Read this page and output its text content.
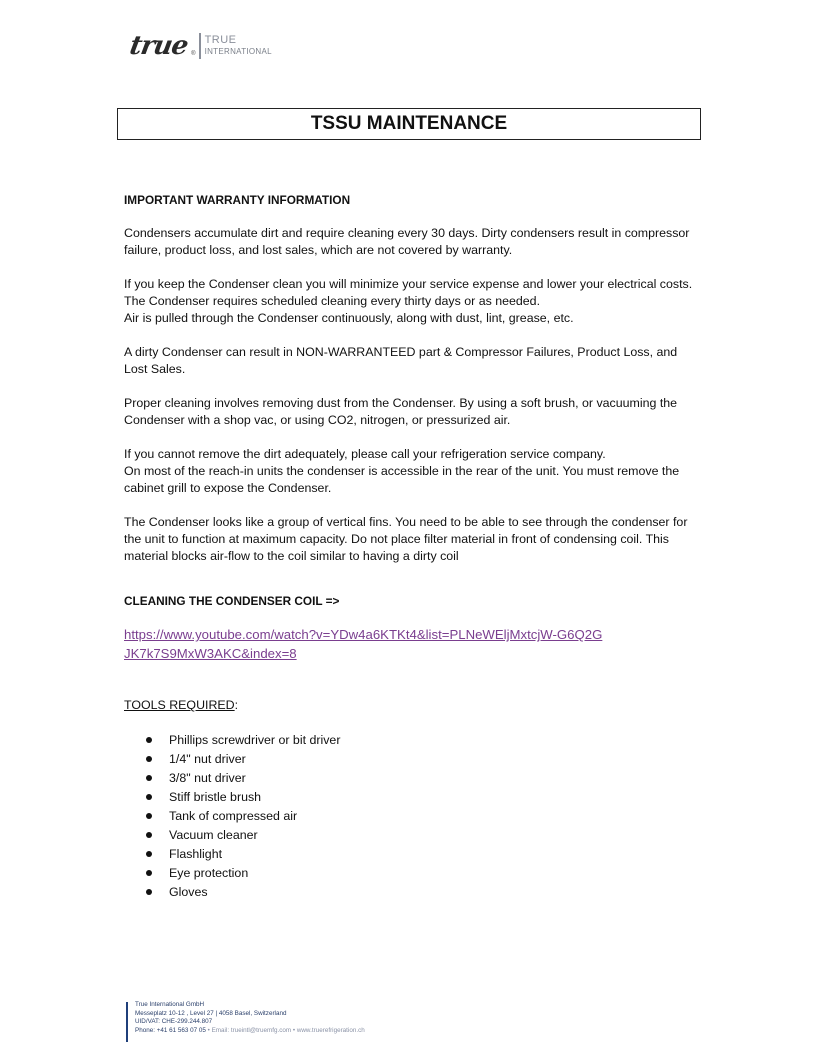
true ®
TRUE
INTERNATIONAL
TSSU MAINTENANCE

IMPORTANT WARRANTY INFORMATION

Condensers accumulate dirt and require cleaning every 30 days. Dirty condensers result in compressor failure, product loss, and lost sales, which are not covered by warranty.

If you keep the Condenser clean you will minimize your service expense and lower your electrical costs. The Condenser requires scheduled cleaning every thirty days or as needed.

Air is pulled through the Condenser continuously, along with dust, lint, grease, etc.

A dirty Condenser can result in NON-WARRANTEED part & Compressor Failures, Product Loss, and Lost Sales.

Proper cleaning involves removing dust from the Condenser. By using a soft brush, or vacuuming the Condenser with a shop vac, or using CO2, nitrogen, or pressurized air.

If you cannot remove the dirt adequately, please call your refrigeration service company.

On most of the reach-in units the condenser is accessible in the rear of the unit. You must remove the cabinet grill to expose the Condenser.

The Condenser looks like a group of vertical fins. You need to be able to see through the condenser for the unit to function at maximum capacity. Do not place filter material in front of condensing coil. This material blocks air-flow to the coil similar to having a dirty coil

CLEANING THE CONDENSER COIL =>

https://www.youtube.com/watch?v=YDw4a6KTKt4&list=PLNeWEljMxtcjW-G6Q2GJK7k7S9MxW3AKC&index=8

TOOLS REQUIRED:

Phillips screwdriver or bit driver
1/4" nut driver
3/8" nut driver
Stiff bristle brush
Tank of compressed air
Vacuum cleaner
Flashlight
Eye protection
Gloves
True International GmbH
Messeplatz 10-12 , Level 27 | 4058 Basel, Switzerland
UID/VAT: CHE-299.244.807
Phone: +41 61 563 07 05 • Email: trueintl@truemfg.com • www.truerefrigeration.ch
